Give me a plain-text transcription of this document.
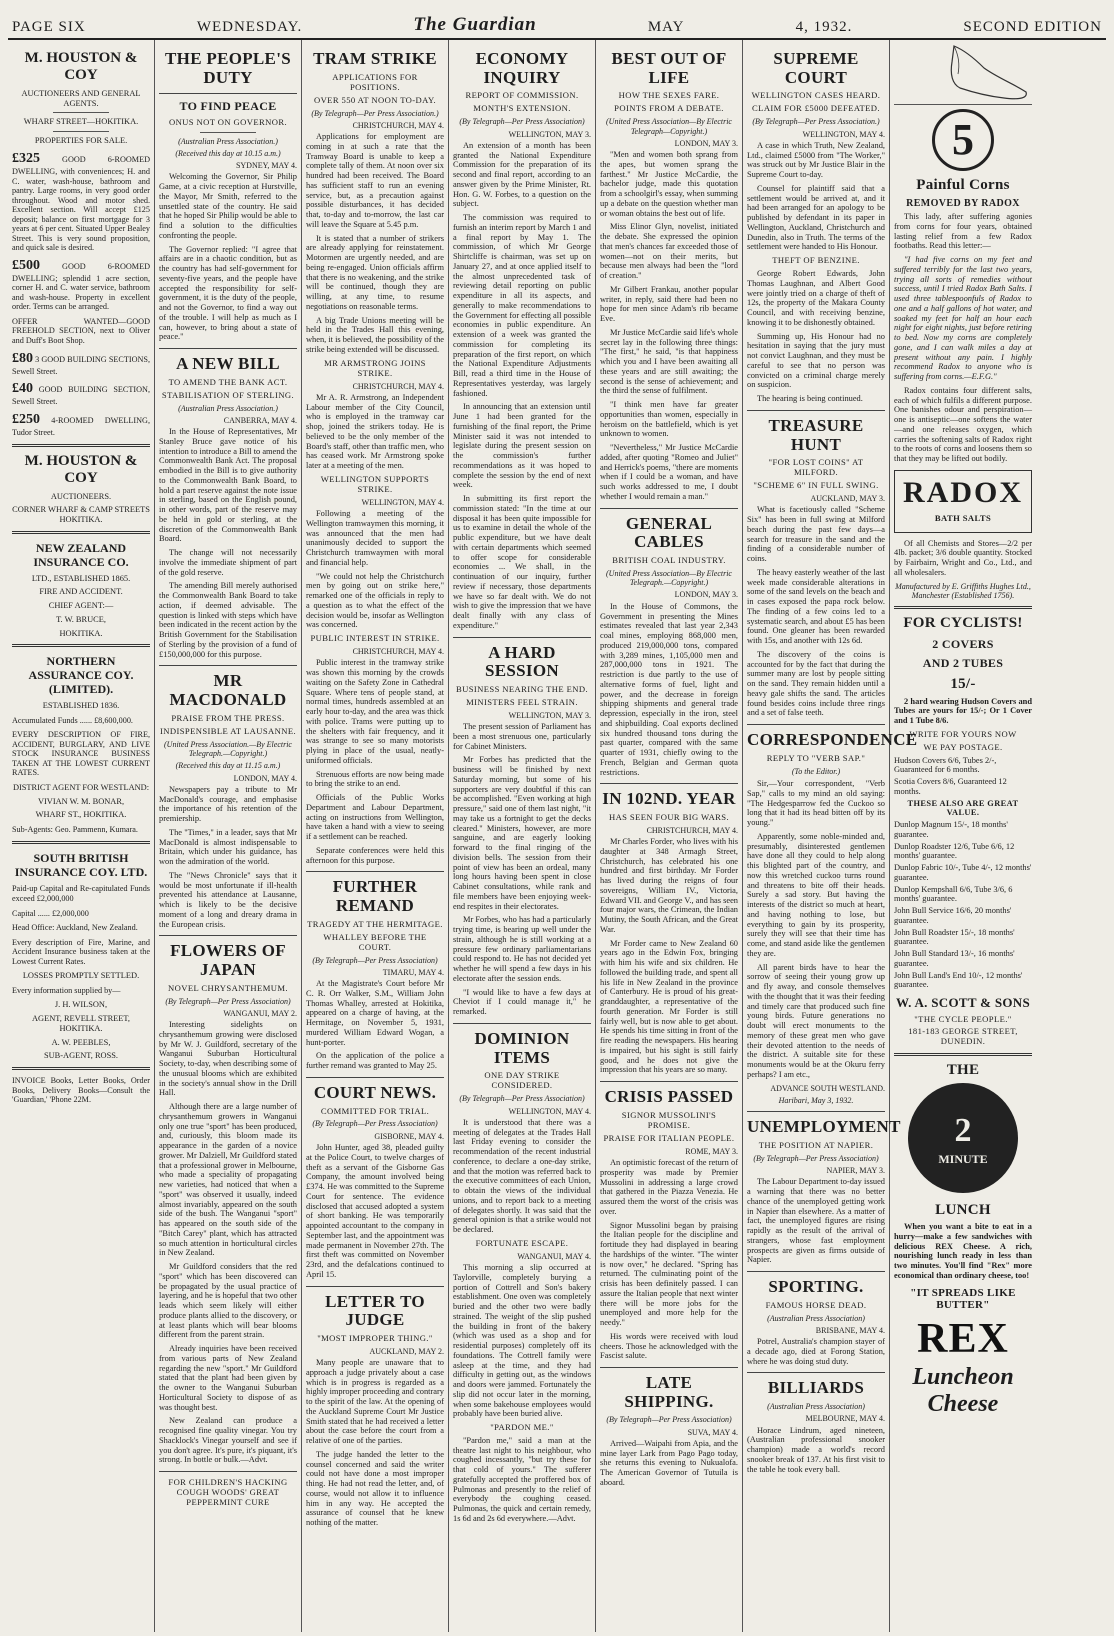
PAGE SIX	WEDNESDAY.	The Guardian	MAY	4, 1932.	SECOND EDITION
M. HOUSTON & COY
AUCTIONEERS AND GENERAL AGENTS.
WHARF STREET—HOKITIKA.
PROPERTIES FOR SALE.
£325	GOOD 6-ROOMED DWELLING, with conveniences; H. and C. water, wash-house, bathroom and pantry. Large rooms, in very good order throughout. Wood and motor shed. Excellent section. Will accept £125 deposit; balance on first mortgage for 3 years at 6 per cent. Situated Upper Bealey Street. This is very sound proposition, and quick sale is desired.
£500	GOOD 6-ROOMED DWELLING; splendid 1 acre section, corner H. and C. water service, bathroom and wash-house. Property in excellent order. Terms can be arranged.
OFFER WANTED—GOOD FREEHOLD SECTION, next to Oliver and Duff's Boot Shop.
£80 3 GOOD BUILDING SECTIONS, Sewell Street.
£40 GOOD BUILDING SECTION, Sewell Street.
£250 4-ROOMED DWELLING, Tudor Street.
M. HOUSTON & COY
AUCTIONEERS.
CORNER WHARF & CAMP STREETS HOKITIKA.
NEW ZEALAND INSURANCE CO.
LTD., ESTABLISHED 1865.
FIRE AND ACCIDENT.
CHIEF AGENT:—
T. W. BRUCE,
HOKITIKA.
NORTHERN ASSURANCE COY. (LIMITED).
ESTABLISHED 1836.
Accumulated Funds ...... £8,600,000.
EVERY DESCRIPTION OF FIRE, ACCIDENT, BURGLARY, AND LIVE STOCK INSURANCE BUSINESS TAKEN AT THE LOWEST CURRENT RATES.
DISTRICT AGENT FOR WESTLAND:
VIVIAN W. M. BONAR,
WHARF ST., HOKITIKA.
Sub-Agents: Geo. Pammenn, Kumara.
SOUTH BRITISH INSURANCE COY. LTD.
Paid-up Capital and Re-capitulated Funds exceed £2,000,000
Capital ...... £2,000,000
Head Office: Auckland, New Zealand.
Every description of Fire, Marine, and Accident Insurance business taken at the Lowest Current Rates.
LOSSES PROMPTLY SETTLED.
Every information supplied by—
J. H. WILSON,
AGENT, REVELL STREET, HOKITIKA.
A. W. PEEBLES,
SUB-AGENT, ROSS.
INVOICE Books, Letter Books, Order Books, Delivery Books—Consult the 'Guardian,' 'Phone 22M.
THE PEOPLE'S DUTY
TO FIND PEACE
ONUS NOT ON GOVERNOR.
(Australian Press Association.)
(Received this day at 10.15 a.m.)
SYDNEY, MAY 4.

Welcoming the Governor, Sir Philip Game, at a civic reception at Hurstville, the Mayor, Mr Smith, referred to the unsettled state of the country. He said that he hoped Sir Philip would be able to find a solution to the difficulties confronting the people.

The Governor replied: "I agree that affairs are in a chaotic condition, but as the country has had self-government for seventy-five years, and the people have accepted the responsibility for self-government, it is the duty of the people, and not the Governor, to find a way out of the trouble. I will help as much as I can, however, to bring about a state of peace."

A NEW BILL
TO AMEND THE BANK ACT.
STABILISATION OF STERLING.
(Australian Press Association.)
CANBERRA, MAY 4.

In the House of Representatives, Mr Stanley Bruce gave notice of his intention to introduce a Bill to amend the Commonwealth Bank Act. The proposal embodied in the Bill is to give authority to the Commonwealth Bank Board, to hold a part reserve against the note issue in sterling, based on the English pound, in other words, part of the reserve may be held in gold or sterling, at the discretion of the Commonwealth Bank Board.

The change will not necessarily involve the immediate shipment of part of the gold reserve.

The amending Bill merely authorised the Commonwealth Bank Board to take action, if deemed advisable. The question is linked with steps which have been indicated in the recent action by the British Government for the Stabilisation of Sterling by the provision of a fund of £150,000,000 for this purpose.

MR MACDONALD
PRAISE FROM THE PRESS.
INDISPENSIBLE AT LAUSANNE.
(United Press Association.—By Electric Telegraph.—Copyright.)
(Received this day at 11.15 a.m.)
LONDON, MAY 4.

Newspapers pay a tribute to Mr MacDonald's courage, and emphasise the importance of his retention of the premiership.

The "Times," in a leader, says that Mr MacDonald is almost indispensable to Britain, which under his guidance, has won the admiration of the world.

The "News Chronicle" says that it would be most unfortunate if ill-health prevented his attendance at Lausanne, which is likely to be the decisive moment of a long and dreary drama in the European crisis.

FLOWERS OF JAPAN
NOVEL CHRYSANTHEMUM.
(By Telegraph—Per Press Association)
WANGANUI, MAY 2.

Interesting sidelights on chrysanthemum growing were disclosed by Mr W. J. Guildford, secretary of the Wanganui Suburban Horticultural Society, to-day, when describing some of the unusual blooms which are exhibited in the society's annual show in the Drill Hall.

Although there are a large number of chrysanthemum growers in Wanganui only one true "sport" has been produced, and, curiously, this bloom made its appearance in the garden of a novice grower. Mr Dalziell, Mr Guildford stated that a professional grower in Melbourne, who made a speciality of propagating new varieties, had noticed that when a "sport" was observed it usually, indeed almost invariably, appeared on the south side of the bush. The Wanganui "sport" has appeared on the south side of the "Bitch Carey" plant, which has attracted so much attention in horticultural circles in New Zealand.

Mr Guildford considers that the red "sport" which has been discovered can be propagated by the usual practice of layering, and he is hopeful that two other leads which seem likely will either produce plants allied to the discovery, or at least plants which will bear blooms different from the parent strain.

Already inquiries have been received from various parts of New Zealand regarding the new "sport." Mr Guildford stated that the plant had been given by the owner to the Wanganui Suburban Horticultural Society to dispose of as was thought best.

New Zealand can produce a recognised fine quality vinegar. You try Shacklock's Vinegar yourself and see if you don't agree. It's pure, it's piquant, it's strong. In bottle or bulk.—Advt.

FOR CHILDREN'S HACKING COUGH WOODS' GREAT PEPPERMINT CURE
TRAM STRIKE
APPLICATIONS FOR POSITIONS.
OVER 550 AT NOON TO-DAY.
(By Telegraph—Per Press Association.)
CHRISTCHURCH, MAY 4.

Applications for employment are coming in at such a rate that the Tramway Board is unable to keep a complete tally of them. At noon over six hundred had been received. The Board has sufficient staff to run an evening service, but, as a precaution against possible disturbances, it has decided that, to-day and to-morrow, the last car will leave the Square at 5.45 p.m.

It is stated that a number of strikers are already applying for reinstatement. Motormen are urgently needed, and are being re-engaged. Union officials affirm that there is no weakening, and the strike will be continued, though they are willing, at any time, to resume negotiations on reasonable terms.

A big Trade Unions meeting will be held in the Trades Hall this evening, when, it is believed, the possibility of the strike being extended will be discussed.

MR ARMSTRONG JOINS STRIKE.
CHRISTCHURCH, MAY 4.

Mr A. R. Armstrong, an Independent Labour member of the City Council, who is employed in the tramway car shop, joined the strikers today. He is believed to be the only member of the Board's staff, other than traffic men, who has ceased work. Mr Armstrong spoke later at a meeting of the men.

WELLINGTON SUPPORTS STRIKE.
WELLINGTON, MAY 4.

Following a meeting of the Wellington tramwaymen this morning, it was announced that the men had unanimously decided to support the Christchurch tramwaymen with moral and financial help.

"We could not help the Christchurch men by going out on strike here," remarked one of the officials in reply to a question as to what the effect of the decision would be, insofar as Wellington was concerned.

PUBLIC INTEREST IN STRIKE.
CHRISTCHURCH, MAY 4.

Public interest in the tramway strike was shown this morning by the crowds waiting on the Safety Zone in Cathedral Square. Where tens of people stand, at normal times, hundreds assembled at an early hour to-day, and the area was thick with police. Trams were putting up to the shelters with fair frequency, and it was strange to see so many motorists plying in place of the usual, neatly-uniformed officials.

Strenuous efforts are now being made to bring the strike to an end.

Officials of the Public Works Department and Labour Department, acting on instructions from Wellington, have taken a hand with a view to seeing if a settlement can be reached.

Separate conferences were held this afternoon for this purpose.

FURTHER REMAND
TRAGEDY AT THE HERMITAGE.
WHALLEY BEFORE THE COURT.
(By Telegraph—Per Press Association)
TIMARU, MAY 4.

At the Magistrate's Court before Mr C. R. Orr Walker, S.M., William John Thomas Whalley, arrested at Hokitika, appeared on a charge of having, at the Hermitage, on November 5, 1931, murdered William Edward Wogan, a hunt-porter.

On the application of the police a further remand was granted to May 25.

COURT NEWS.
COMMITTED FOR TRIAL.
(By Telegraph—Per Press Association)
GISBORNE, MAY 4.

John Hunter, aged 38, pleaded guilty at the Police Court, to twelve charges of theft as a servant of the Gisborne Gas Company, the amount involved being £374. He was committed to the Supreme Court for sentence. The evidence disclosed that accused adopted a system of short banking. He was temporarily appointed accountant to the company in September last, and the appointment was made permanent in November 27th. The first theft was committed on November 23rd, and the defalcations continued to April 15.

LETTER TO JUDGE
"MOST IMPROPER THING."
AUCKLAND, MAY 2.

Many people are unaware that to approach a judge privately about a case which is in progress is regarded as a highly improper proceeding and contrary to the spirit of the law. At the opening of the Auckland Supreme Court Mr Justice Smith stated that he had received a letter about the case before the court from a relative of one of the parties.

The judge handed the letter to the counsel concerned and said the writer could not have done a most improper thing. He had not read the letter, and, of course, would not allow it to influence him in any way. He accepted the assurance of counsel that he knew nothing of the matter.

ECONOMY INQUIRY
REPORT OF COMMISSION.
MONTH'S EXTENSION.
(By Telegraph—Per Press Association)
WELLINGTON, MAY 3.

An extension of a month has been granted the National Expenditure Commission for the preparation of its second and final report, according to an answer given by the Prime Minister, Rt. Hon. G. W. Forbes, to a question on the subject.

The commission was required to furnish an interim report by March 1 and a final report by May 1. The commission, of which Mr George Shirtcliffe is chairman, was set up on January 27, and at once applied itself to the almost unprecedented task of reviewing detail reporting on public expenditure in all its aspects, and generally to make recommendations to the Government for effecting all possible economies in public expenditure. An extension of a week was granted the commission for completing its preparation of the first report, on which the National Expenditure Adjustments Bill, read a third time in the House of Representatives yesterday, was largely fashioned.

In announcing that an extension until June 1 had been granted for the furnishing of the final report, the Prime Minister said it was not intended to legislate during the present session on the commission's further recommendations as it was hoped to complete the session by the end of next week.

In submitting its first report the commission stated: "In the time at our disposal it has been quite impossible for us to examine in detail the whole of the public expenditure, but we have dealt with certain departments which seemed to offer scope for considerable economies ... We shall, in the continuation of our inquiry, further review if necessary, those departments we have so far dealt with. We do not wish to give the impression that we have dealt finally with any class of expenditure."

A HARD SESSION
BUSINESS NEARING THE END.
MINISTERS FEEL STRAIN.
WELLINGTON, MAY 3.

The present session of Parliament has been a most strenuous one, particularly for Cabinet Ministers.

Mr Forbes has predicted that the business will be finished by next Saturday morning, but some of his supporters are very doubtful if this can be accomplished. "Even working at high pressure," said one of them last night, "it may take us a fortnight to get the decks cleared." Ministers, however, are more sanguine, and are eagerly looking forward to the final ringing of the division bells. The session from their point of view has been an ordeal, many long hours having been spent in close Cabinet consultations, while rank and file members have been enjoying week-end respites in their electorates.

Mr Forbes, who has had a particularly trying time, is bearing up well under the strain, although he is still working at a pressure few ordinary parliamentarians could respond to. He has not decided yet whether he will spend a few days in his electorate after the session ends.

"I would like to have a few days at Cheviot if I could manage it," he remarked.

DOMINION ITEMS
ONE DAY STRIKE CONSIDERED.
(By Telegraph—Per Press Association)
WELLINGTON, MAY 4.

It is understood that there was a meeting of delegates at the Trades Hall last Friday evening to consider the recommendation of the recent industrial conference, to declare a one-day strike, and that the motion was referred back to the executive committees of each Union, to obtain the views of the individual unions, and to report back to a meeting of delegates shortly. It was said that the general opinion is that a strike would not be declared.

FORTUNATE ESCAPE.
WANGANUI, MAY 4.

This morning a slip occurred at Taylorville, completely burying a portion of Cottrell and Son's bakery establishment. One oven was completely buried and the other two were badly strained. The weight of the slip pushed the building in front of the bakery (which was used as a shop and for residential purposes) completely off its foundations. The Cottrell family were asleep at the time, and they had difficulty in getting out, as the windows and doors were jammed. Fortunately the slip did not occur later in the morning, when some bakehouse employees would probably have been buried alive.

"PARDON ME."

"Pardon me," said a man at the theatre last night to his neighbour, who coughed incessantly, "but try these for that cold of yours." The sufferer gratefully accepted the proffered box of Pulmonas and presently to the relief of everybody the coughing ceased. Pulmonas, the quick and certain remedy, 1s 6d and 2s 6d everywhere.—Advt.

BEST OUT OF LIFE
HOW THE SEXES FARE.
POINTS FROM A DEBATE.
(United Press Association—By Electric Telegraph—Copyright.)
LONDON, MAY 3.

"Men and women both sprang from the apes, but women sprang the farthest." Mr Justice McCardie, the bachelor judge, made this quotation from a schoolgirl's essay, when summing up a debate on the question whether man or woman obtains the best out of life.

Miss Elinor Glyn, novelist, initiated the debate. She expressed the opinion that men's chances far exceeded those of women—not on their merits, but because men always had been the "lord of creation."

Mr Gilbert Frankau, another popular writer, in reply, said there had been no hope for men since Adam's rib became Eve.

Mr Justice McCardie said life's whole secret lay in the following three things: "The first," he said, "is that happiness which you and I have been awaiting all these years and are still awaiting; the second is the sense of achievement; and the third the sense of fulfilment.

"I think men have far greater opportunities than women, especially in heroism on the battlefield, which is yet unknown to women.

"Nevertheless," Mr Justice McCardie added, after quoting "Romeo and Juliet" and Herrick's poems, "there are moments when if I could be a woman, and have such works addressed to me, I doubt whether I would remain a man."

GENERAL CABLES
BRITISH COAL INDUSTRY.
(United Press Association—By Electric Telegraph.—Copyright.)
LONDON, MAY 3.

In the House of Commons, the Government in presenting the Mines estimates revealed that last year 2,343 coal mines, employing 868,000 men, produced 219,000,000 tons, compared with 3,289 mines, 1,105,000 men and 287,000,000 tons in 1921. The restriction is due partly to the use of alternative forms of fuel, light and power, and the decrease in foreign shipping shipments and general trade depression, especially in the iron, steel and shipbuilding. Coal exports declined six hundred thousand tons during the past quarter, compared with the same quarter of 1931, chiefly owing to the French, Belgian and German quota restrictions.

IN 102ND. YEAR
HAS SEEN FOUR BIG WARS.
CHRISTCHURCH, MAY 4.

Mr Charles Forder, who lives with his daughter at 348 Armagh Street, Christchurch, has celebrated his one hundred and first birthday. Mr Forder has lived during the reigns of four sovereigns, William IV., Victoria, Edward VII. and George V., and has seen four major wars, the Crimean, the Indian Mutiny, the South African, and the Great War.

Mr Forder came to New Zealand 60 years ago in the Edwin Fox, bringing with him his wife and six children. He followed the building trade, and spent all his life in New Zealand in the province of Canterbury. He is proud of his great-granddaughter, a representative of the fourth generation. Mr Forder is still fairly well, but is now able to get about. He spends his time sitting in front of the fire reading the newspapers. His hearing is impaired, but his sight is still fairly good, and he does not give the impression that his years are so many.

CRISIS PASSED
SIGNOR MUSSOLINI'S PROMISE.
PRAISE FOR ITALIAN PEOPLE.
ROME, MAY 3.

An optimistic forecast of the return of prosperity was made by Premier Mussolini in addressing a large crowd that gathered in the Piazza Venezia. He assured them the worst of the crisis was over.

Signor Mussolini began by praising the Italian people for the discipline and fortitude they had displayed in bearing the hardships of the winter. "The winter is now over," he declared. "Spring has returned. The culminating point of the crisis has been definitely passed. I can assure the Italian people that next winter there will be more jobs for the unemployed and more help for the needy."

His words were received with loud cheers. Those he acknowledged with the Fascist salute.

LATE SHIPPING.
(By Telegraph—Per Press Association)
SUVA, MAY 4.

Arrived—Waipahi from Apia, and the mine layer Lark from Pago Pago today, she returns this evening to Nukualofa. The American Governor of Tutuila is aboard.

SUPREME COURT
WELLINGTON CASES HEARD.
CLAIM FOR £5000 DEFEATED.
(By Telegraph—Per Press Association.)
WELLINGTON, MAY 4.

A case in which Truth, New Zealand, Ltd., claimed £5000 from "The Worker," was struck out by Mr Justice Blair in the Supreme Court to-day.

Counsel for plaintiff said that a settlement would be arrived at, and it had been arranged for an apology to be published by defendant in its paper in Wellington, Auckland, Christchurch and Dunedin, also in Truth. The terms of the settlement were handed to His Honour.

THEFT OF BENZINE.

George Robert Edwards, John Thomas Laughnan, and Albert Good were jointly tried on a charge of theft of 12s, the property of the Makara County Council, and with receiving benzine, knowing it to be dishonestly obtained.

Summing up, His Honour had no hesitation in saying that the jury must not convict Laughnan, and they must be careful to see that no person was convicted on a criminal charge merely on suspicion.

The hearing is being continued.

TREASURE HUNT
"FOR LOST COINS" AT MILFORD.
"SCHEME 6" IN FULL SWING.
AUCKLAND, MAY 3.

What is facetiously called "Scheme Six" has been in full swing at Milford beach during the past few days—a search for treasure in the sand and the finding of a considerable number of coins.

The heavy easterly weather of the last week made considerable alterations in some of the sand levels on the beach and in cases exposed the papa rock below. The finding of a few coins led to a systematic search, and about £5 has been found. One gleaner has been rewarded with 15s, and another with 12s 6d.

The discovery of the coins is accounted for by the fact that during the summer many are lost by people sitting on the sand. They remain hidden until a heavy gale shifts the sand. The articles found besides coins include three rings and a set of false teeth.

CORRESPONDENCE
REPLY TO "VERB SAP."
(To the Editor.)

Sir,—Your correspondent, "Verb Sap," calls to my mind an old saying: "The Hedgesparrow fed the Cuckoo so long that it had its head bitten off by its young."

Apparently, some noble-minded and, presumably, disinterested gentlemen have done all they could to help along this blighted part of the country, and now this wretched cuckoo turns round and threatens to bite off their heads. Surely a sad story. But having the interests of the district so much at heart, and having nothing to lose, but everything to gain by its prosperity, surely they will see that their time has come, and stand aside like the gentlemen they are.

All parent birds have to hear the sorrow of seeing their young grow up and fly away, and console themselves with the thought that it was their feeding and timely care that produced such fine young birds. Future generations no doubt will erect monuments to the memory of these great men who gave their devoted attention to the needs of the district. A suitable site for these monuments would be at the Okuru ferry perhaps? I am etc.,

ADVANCE SOUTH WESTLAND.
Haribari, May 3, 1932.
UNEMPLOYMENT
THE POSITION AT NAPIER.
(By Telegraph—Per Press Association)
NAPIER, MAY 3.

The Labour Department to-day issued a warning that there was no better chance of the unemployed getting work in Napier than elsewhere. As a matter of fact, the unemployed figures are rising rapidly as the result of the arrival of strangers, whose fast employment prospects are given as firms outside of Napier.

SPORTING.
FAMOUS HORSE DEAD.
(Australian Press Association)
BRISBANE, MAY 4.

Potrel, Australia's champion stayer of a decade ago, died at Forong Station, where he was doing stud duty.

BILLIARDS
(Australian Press Association)
MELBOURNE, MAY 4.

Horace Lindrum, aged nineteen, (Australian professional snooker champion) made a world's record snooker break of 137. At his first visit to the table he took every ball.

5
Painful Corns
REMOVED BY RADOX

This lady, after suffering agonies from corns for four years, obtained lasting relief from a few Radox footbaths. Read this letter:—

"I had five corns on my feet and suffered terribly for the last two years, trying all sorts of remedies without success, until I tried Radox Bath Salts. I used three tablespoonfuls of Radox to one and a half gallons of hot water, and soaked my feet for half an hour each night for eight nights, just before retiring to bed. Now my corns are completely gone, and I can walk miles a day at present without any pain. I highly recommend Radox to anyone who is suffering from corns.—E.F.G."

Radox contains four different salts, each of which fulfils a different purpose. One banishes odour and perspiration—one is antiseptic—one softens the water—and one releases oxygen, which carries the softening salts of Radox right to the roots of corns and loosens them so that they may be lifted out bodily.

RADOX
BATH SALTS

Of all Chemists and Stores—2/2 per 4lb. packet; 3/6 double quantity. Stocked by Fairbairn, Wright and Co., Ltd., and all wholesalers.

Manufactured by E. Griffiths Hughes Ltd., Manchester (Established 1756).

FOR CYCLISTS!
2 COVERS
AND 2 TUBES
15/-

2 hard wearing Hudson Covers and Tubes are yours for 15/-; Or 1 Cover and 1 Tube 8/6.

WRITE FOR YOURS NOW
WE PAY POSTAGE.
Hudson Covers 6/6, Tubes 2/-, Guaranteed for 6 months.
Scotia Covers 8/6, Guaranteed 12 months.
THESE ALSO ARE GREAT VALUE.
Dunlop Magnum 15/-, 18 months' guarantee.
Dunlop Roadster 12/6, Tube 6/6, 12 months' guarantee.
Dunlop Fabric 10/-, Tube 4/-, 12 months' guarantee.
Dunlop Kempshall 6/6, Tube 3/6, 6 months' guarantee.
John Bull Service 16/6, 20 months' guarantee.
John Bull Roadster 15/-, 18 months' guarantee.
John Bull Standard 13/-, 16 months' guarantee.
John Bull Land's End 10/-, 12 months' guarantee.
W. A. SCOTT & SONS
"THE CYCLE PEOPLE."
181-183 GEORGE STREET, DUNEDIN.
THE
2
MINUTE
LUNCH

When you want a bite to eat in a hurry—make a few sandwiches with delicious REX Cheese. A rich, nourishing lunch ready in less than two minutes. You'll find "Rex" more economical than ordinary cheese, too!

"IT SPREADS LIKE BUTTER"
REX
Luncheon
Cheese
